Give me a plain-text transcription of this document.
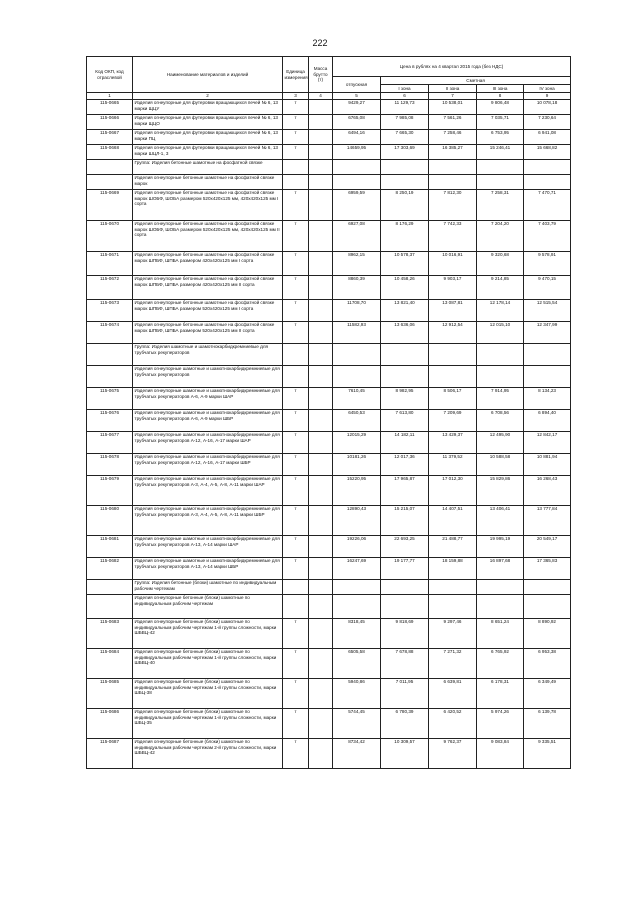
222
Код ОКП, код отраслевой	Наименование материалов и изделий	Единица измерения	Масса брутто (т)	Цена в рублях на 4 квартал 2015 года (без НДС)				
				отпускная	Сметная			
					I зона	II зона	III зона	IV зона
1	2	3	4	5	6	7	8	9
115-0665	Изделия огнеупорные для футеровки вращающихся печей № 6, 13 марки ЩЦУ	т		9429,27	11 129,73	10 538,01	9 806,48	10 078,18
115-0666	Изделия огнеупорные для футеровки вращающихся печей № 6, 13 марки ЩЦО	т		6765,08	7 985,08	7 561,26	7 035,71	7 230,64
115-0667	Изделия огнеупорные для футеровки вращающихся печей № 6, 13 марки ПЦ	т		6494,16	7 665,30	7 258,46	6 753,95	6 941,08
115-0668	Изделия огнеупорные для футеровки вращающихся печей № 6, 13 марки ШЦЛ-1, 3	т		14659,95	17 303,69	16 385,27	15 246,41	15 668,82
	Группа: Изделия бетонные шамотные на фосфатной связке							
	Изделия огнеупорные бетонные шамотные на фосфатной связке марок							
115-0669	Изделия огнеупорные бетонные шамотные на фосфатной связке марок ШОБФ, ШОБА размером 520х420х125 мм, 420х420х125 мм I сорта	т		6959,59	8 250,19	7 812,30	7 258,31	7 470,71
115-0670	Изделия огнеупорные бетонные шамотные на фосфатной связке марок ШОБФ, ШОБА размером 520х420х125 мм, 420х420х125 мм II сорта	т		6927,08	8 176,29	7 742,33	7 204,20	7 403,79
115-0671	Изделия огнеупорные бетонные шамотные на фосфатной связке марок ШПБФ, ШПБА размером 420х420х125 мм I сорта	т		8962,15	10 578,37	10 016,91	9 320,68	9 578,91
115-0672	Изделия огнеупорные бетонные шамотные на фосфатной связке марок ШПБФ, ШПБА размером 420х420х125 мм II сорта	т		8860,39	10 458,26	9 903,17	9 214,85	9 470,15
115-0673	Изделия огнеупорные бетонные шамотные на фосфатной связке марок ШПБФ, ШПБА размером 520х420х125 мм I сорта	т		11708,70	13 821,40	13 087,81	12 178,14	12 515,54
115-0674	Изделия огнеупорные бетонные шамотные на фосфатной связке марок ШПБФ, ШПБА размером 520х420х125 мм II сорта	т		11582,93	13 636,06	12 912,54	12 015,10	12 347,99
	Группа: Изделия шамотные и шамотнокарбидкремниевые для трубчатых рекуператоров							
	Изделия огнеупорные шамотные и шамотнокарбидкремниевые для трубчатых рекуператоров							
115-0675	Изделия огнеупорные шамотные и шамотнокарбидкремниевые для трубчатых рекуператоров А-6, А-9 марки ШАР	т		7610,45	8 982,95	8 506,17	7 914,95	8 134,23
115-0676	Изделия огнеупорные шамотные и шамотнокарбидкремниевые для трубчатых рекуператоров А-6, А-9 марки ШБР	т		6450,53	7 613,80	7 209,69	6 708,56	6 894,40
115-0677	Изделия огнеупорные шамотные и шамотнокарбидкремниевые для трубчатых рекуператоров А-12, А-16, А-17 марки ШАР	т		12015,29	14 182,11	13 429,37	12 495,90	12 842,17
115-0678	Изделия огнеупорные шамотные и шамотнокарбидкремниевые для трубчатых рекуператоров А-12, А-16, А-17 марки ШБР	т		10181,26	12 017,36	11 379,52	10 588,58	10 881,94
115-0679	Изделия огнеупорные шамотные и шамотнокарбидкремниевые для трубчатых рекуператоров А-3, А-4, А-5, А-8, А-11 марки ШАР	т		15220,95	17 965,87	17 012,30	15 829,86	16 268,43
115-0680	Изделия огнеупорные шамотные и шамотнокарбидкремниевые для трубчатых рекуператоров А-3, А-4, А-5, А-8, А-11 марки ШБР	т		12890,43	15 215,07	14 407,51	13 406,41	13 777,84
115-0681	Изделия огнеупорные шамотные и шамотнокарбидкремниевые для трубчатых рекуператоров А-13, А-14 марки ШАР	т		19226,06	22 693,25	21 488,77	19 995,19	20 549,17
115-0682	Изделия огнеупорные шамотные и шамотнокарбидкремниевые для трубчатых рекуператоров А-13, А-14 марки ШБР	т		16247,69	19 177,77	18 159,88	16 897,68	17 365,83
	Группа: Изделия бетонные (блоки) шамотные по индивидуальным рабочим чертежам							
	Изделия огнеупорные бетонные (блоки) шамотные по индивидуальным рабочим чертежам							
115-0683	Изделия огнеупорные бетонные (блоки) шамотные по индивидуальным рабочим чертежам 1-й группы сложности, марки ШБВЦ-42	т		8318,45	9 818,69	9 297,46	8 651,24	8 890,92
115-0684	Изделия огнеупорные бетонные (блоки) шамотные по индивидуальным рабочим чертежам 1-й группы сложности, марки ШБВЦ-40	т		6505,58	7 678,88	7 271,32	6 765,92	6 953,38
115-0685	Изделия огнеупорные бетонные (блоки) шамотные по индивидуальным рабочим чертежам 1-й группы сложности, марки ШБЦ-38	т		5940,86	7 011,95	6 639,81	6 178,31	6 349,49
115-0686	Изделия огнеупорные бетонные (блоки) шамотные по индивидуальным рабочим чертежам 1-й группы сложности, марки ШБЦ-35	т		5744,45	6 780,39	6 420,52	5 974,26	6 139,78
115-0687	Изделия огнеупорные бетонные (блоки) шамотные по индивидуальным рабочим чертежам 2-й группы сложности, марки ШБВЦ-42	т		8734,42	10 309,57	9 762,37	9 083,84	9 335,51
